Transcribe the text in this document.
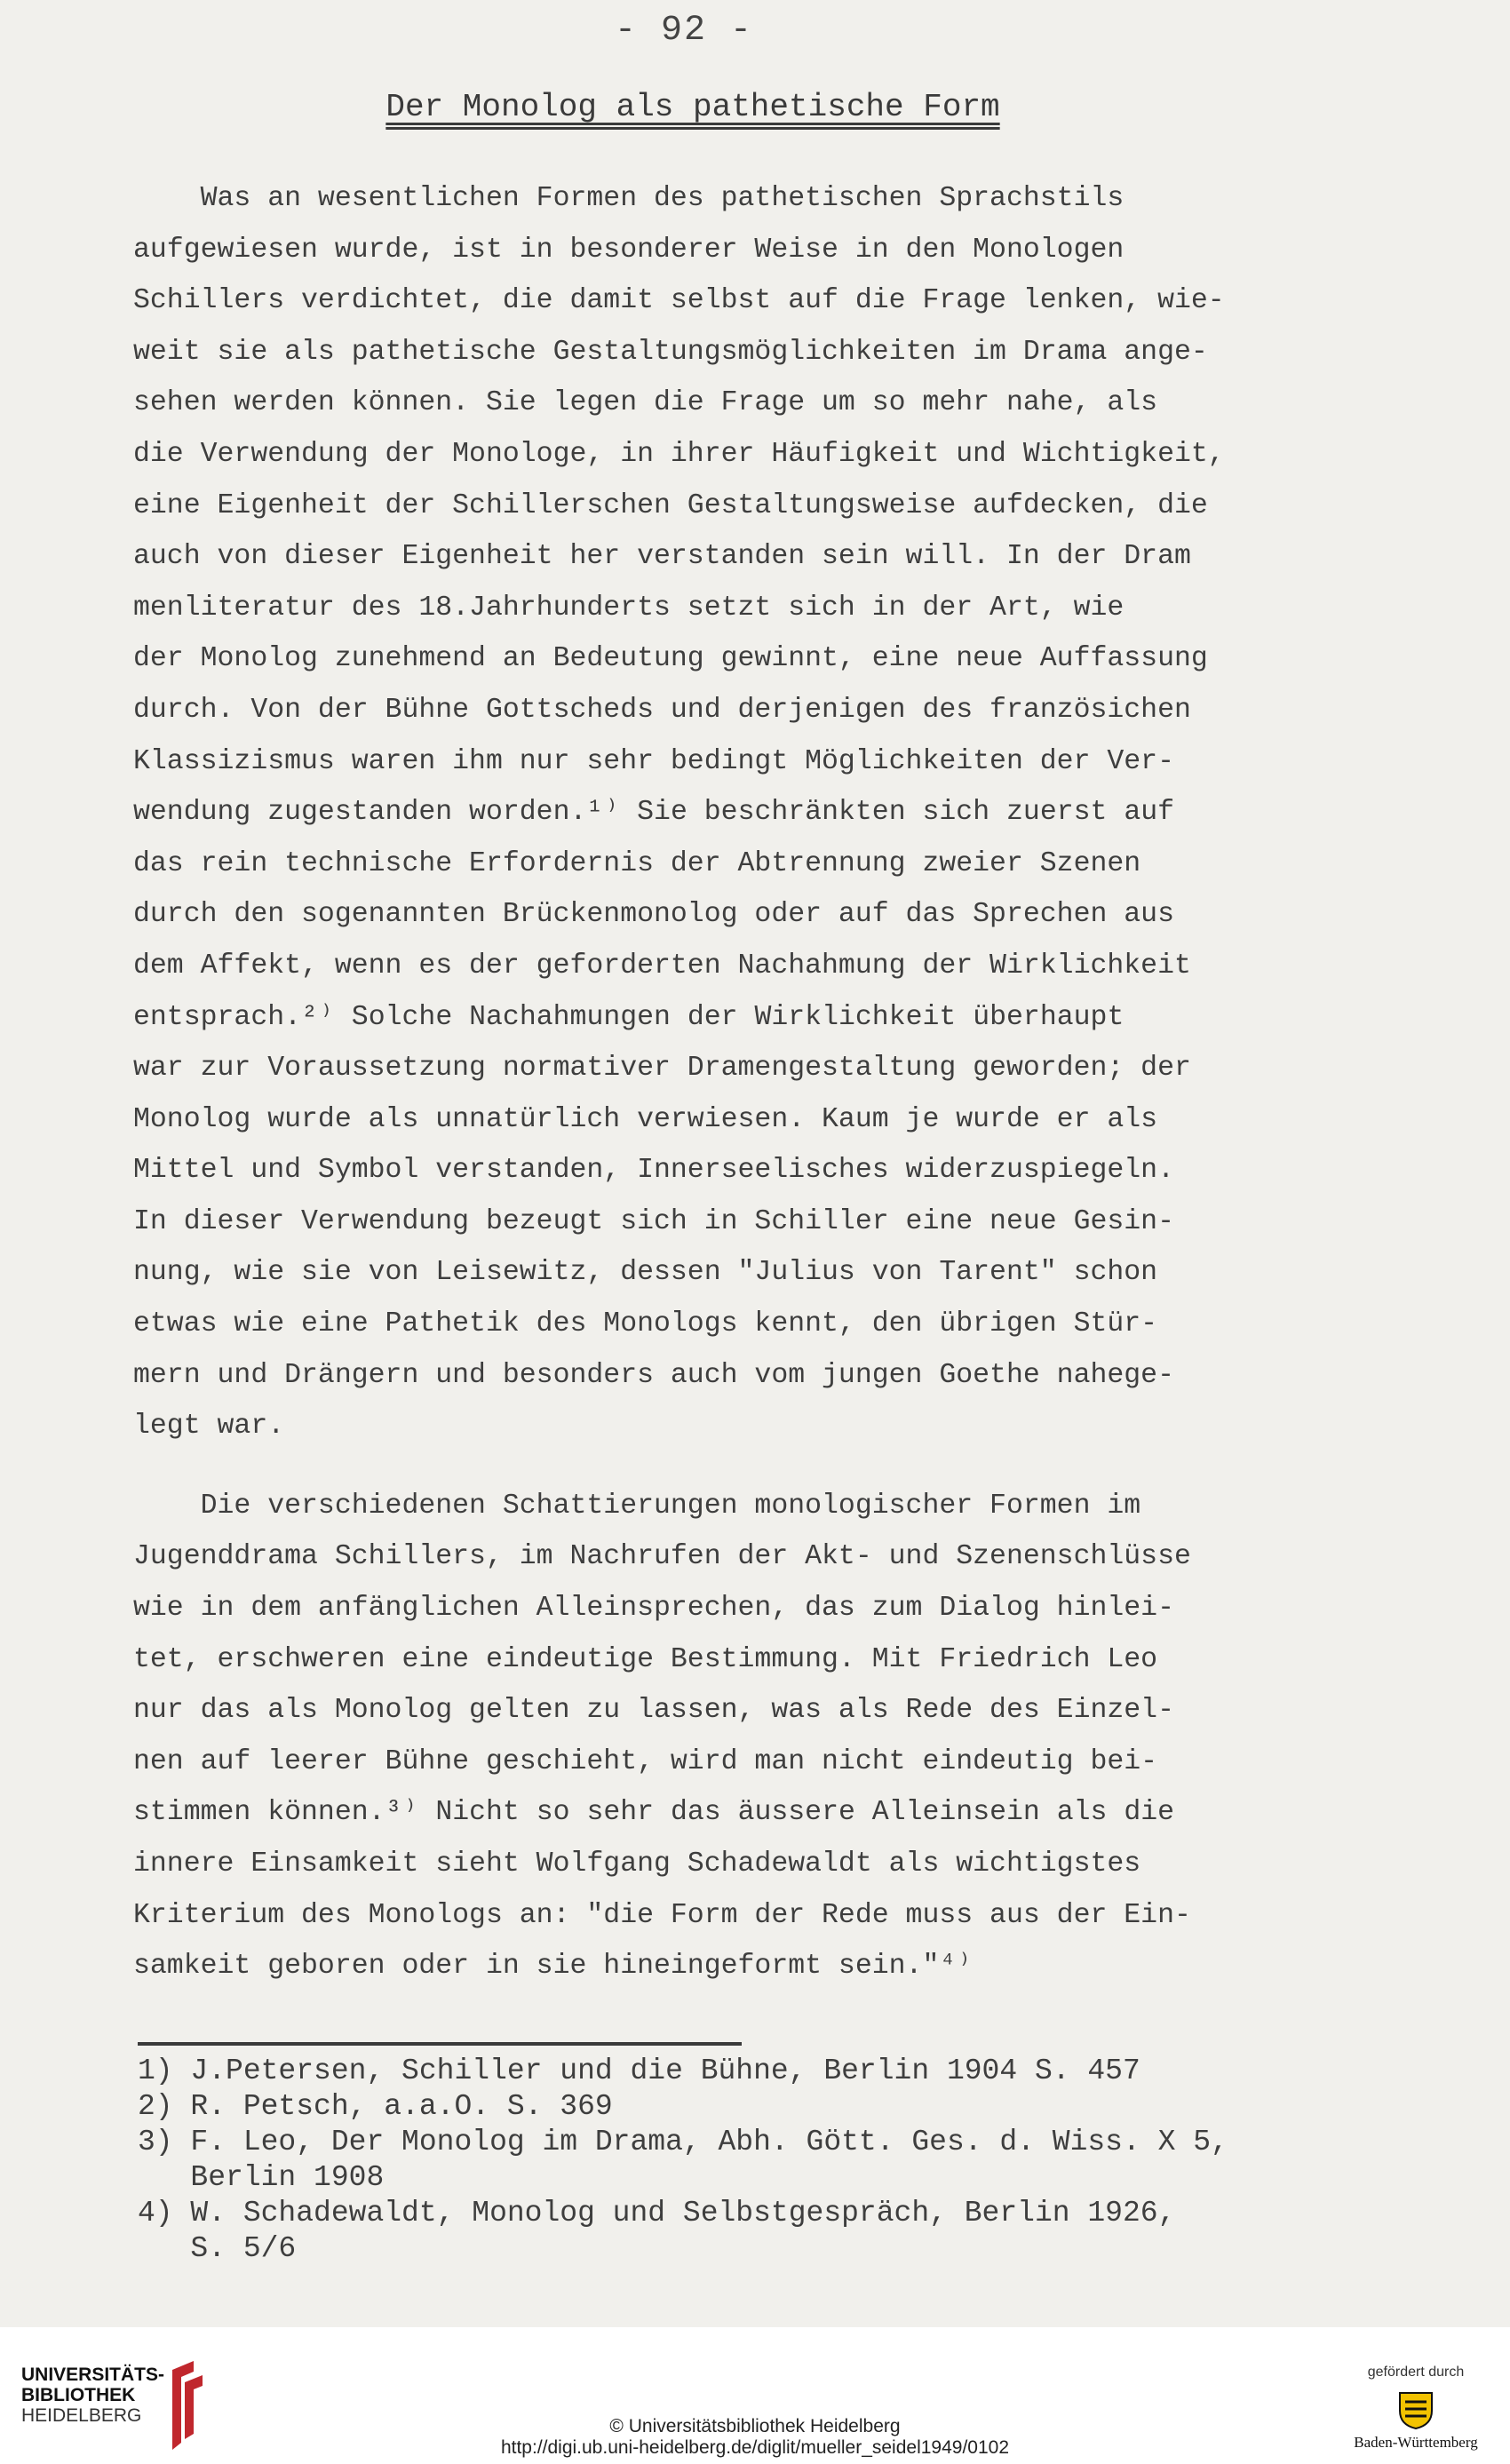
- 92 -
Der Monolog als pathetische Form
Was an wesentlichen Formen des pathetischen Sprachstils
aufgewiesen wurde, ist in besonderer Weise in den Monologen
Schillers verdichtet, die damit selbst auf die Frage lenken, wie-
weit sie als pathetische Gestaltungsmöglichkeiten im Drama ange-
sehen werden können. Sie legen die Frage um so mehr nahe, als
die Verwendung der Monologe, in ihrer Häufigkeit und Wichtigkeit,
eine Eigenheit der Schillerschen Gestaltungsweise aufdecken, die
auch von dieser Eigenheit her verstanden sein will. In der Dram
menliteratur des 18.Jahrhunderts setzt sich in der Art, wie
der Monolog zunehmend an Bedeutung gewinnt, eine neue Auffassung
durch. Von der Bühne Gottscheds und derjenigen des französichen
Klassizismus waren ihm nur sehr bedingt Möglichkeiten der Ver-
wendung zugestanden worden.¹⁾ Sie beschränkten sich zuerst auf
das rein technische Erfordernis der Abtrennung zweier Szenen
durch den sogenannten Brückenmonolog oder auf das Sprechen aus
dem Affekt, wenn es der geforderten Nachahmung der Wirklichkeit
entsprach.²⁾ Solche Nachahmungen der Wirklichkeit überhaupt
war zur Voraussetzung normativer Dramengestaltung geworden; der
Monolog wurde als unnatürlich verwiesen. Kaum je wurde er als
Mittel und Symbol verstanden, Innerseelisches widerzuspiegeln.
In dieser Verwendung bezeugt sich in Schiller eine neue Gesin-
nung, wie sie von Leisewitz, dessen "Julius von Tarent" schon
etwas wie eine Pathetik des Monologs kennt, den übrigen Stür-
mern und Drängern und besonders auch vom jungen Goethe nahege-
legt war.
Die verschiedenen Schattierungen monologischer Formen im
Jugenddrama Schillers, im Nachrufen der Akt- und Szenenschlüsse
wie in dem anfänglichen Alleinsprechen, das zum Dialog hinlei-
tet, erschweren eine eindeutige Bestimmung. Mit Friedrich Leo
nur das als Monolog gelten zu lassen, was als Rede des Einzel-
nen auf leerer Bühne geschieht, wird man nicht eindeutig bei-
stimmen können.³⁾ Nicht so sehr das äussere Alleinsein als die
innere Einsamkeit sieht Wolfgang Schadewaldt als wichtigstes
Kriterium des Monologs an: "die Form der Rede muss aus der Ein-
samkeit geboren oder in sie hineingeformt sein."⁴⁾
1) J.Petersen, Schiller und die Bühne, Berlin 1904 S. 457
2) R. Petsch, a.a.O. S. 369
3) F. Leo, Der Monolog im Drama, Abh. Gött. Ges. d. Wiss. X 5,
Berlin 1908
4) W. Schadewaldt, Monolog und Selbstgespräch, Berlin 1926,
S. 5/6
UNIVERSITÄTS-
BIBLIOTHEK
HEIDELBERG
© Universitätsbibliothek Heidelberg
http://digi.ub.uni-heidelberg.de/diglit/mueller_seidel1949/0102
gefördert durch
Baden-Württemberg
